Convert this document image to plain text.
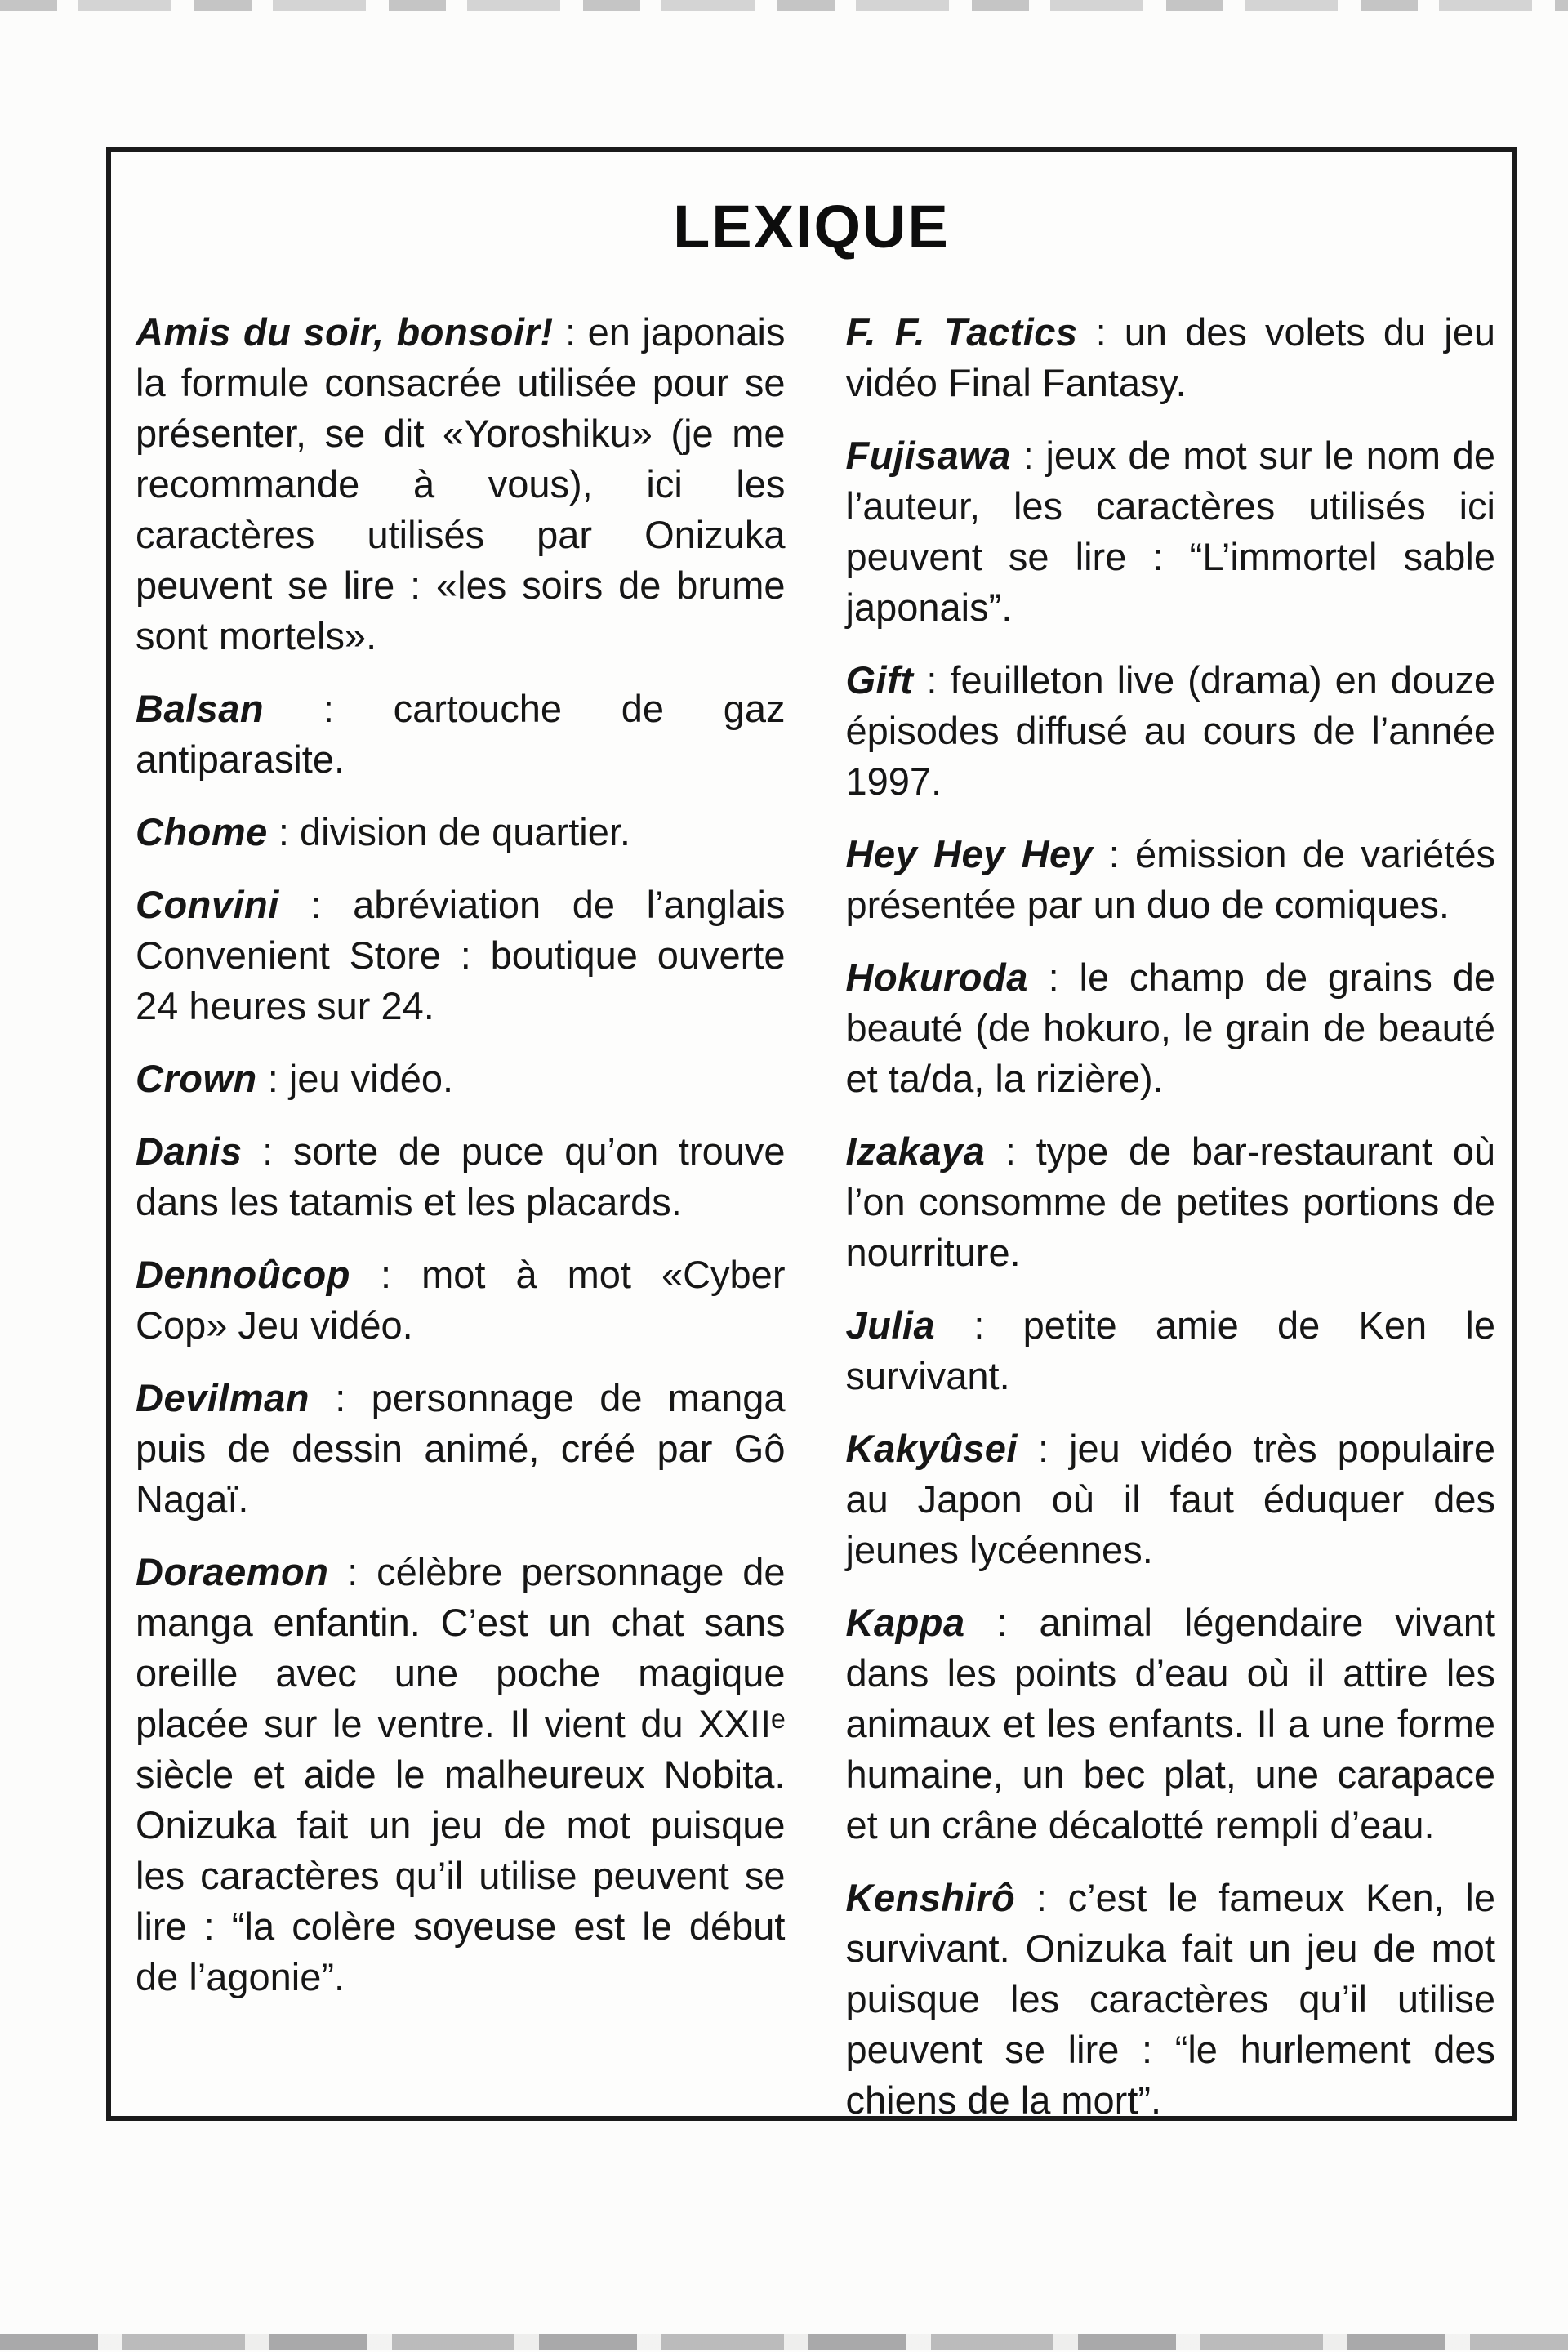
LEXIQUE

Amis du soir, bonsoir! : en japonais la formule consacrée utilisée pour se présenter, se dit «Yoroshiku» (je me recommande à vous), ici les caractères utilisés par Onizuka peuvent se lire : «les soirs de brume sont mortels».

Balsan : cartouche de gaz antiparasite.

Chome : division de quartier.

Convini : abréviation de l’anglais Convenient Store : boutique ouverte 24 heures sur 24.

Crown : jeu vidéo.

Danis : sorte de puce qu’on trouve dans les tatamis et les placards.

Dennoûcop : mot à mot «Cyber Cop» Jeu vidéo.

Devilman : personnage de manga puis de dessin animé, créé par Gô Nagaï.

Doraemon : célèbre personnage de manga enfantin. C’est un chat sans oreille avec une poche magique placée sur le ventre. Il vient du XXIIᵉ siècle et aide le malheureux Nobita. Onizuka fait un jeu de mot puisque les caractères qu’il utilise peuvent se lire : “la colère soyeuse est le début de l’agonie”.

F. F. Tactics : un des volets du jeu vidéo Final Fantasy.

Fujisawa : jeux de mot sur le nom de l’auteur, les caractères utilisés ici peuvent se lire : “L’immortel sable japonais”.

Gift : feuilleton live (drama) en douze épisodes diffusé au cours de l’année 1997.

Hey Hey Hey : émission de variétés présentée par un duo de comiques.

Hokuroda : le champ de grains de beauté (de hokuro, le grain de beauté et ta/da, la rizière).

Izakaya : type de bar-restaurant où l’on consomme de petites portions de nourriture.

Julia : petite amie de Ken le survivant.

Kakyûsei : jeu vidéo très populaire au Japon où il faut éduquer des jeunes lycéennes.

Kappa : animal légendaire vivant dans les points d’eau où il attire les animaux et les enfants. Il a une forme humaine, un bec plat, une carapace et un crâne décalotté rempli d’eau.

Kenshirô : c’est le fameux Ken, le survivant. Onizuka fait un jeu de mot puisque les caractères qu’il utilise peuvent se lire : “le hurlement des chiens de la mort”.
